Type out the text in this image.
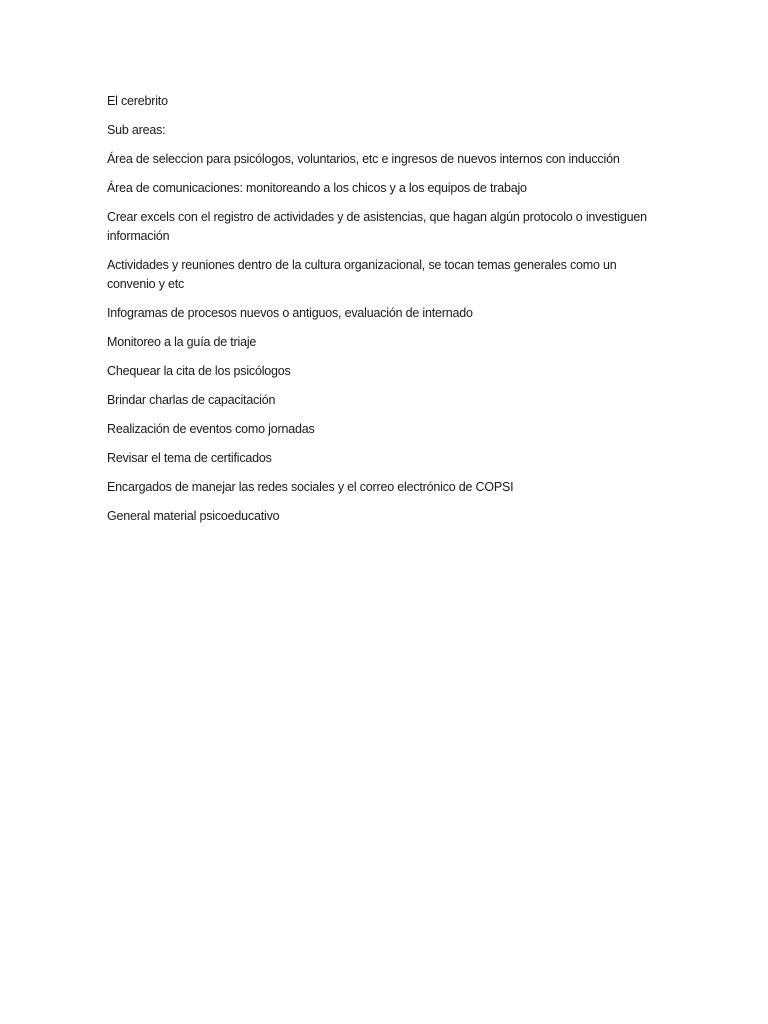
El cerebrito

Sub areas:

Área de seleccion para psicólogos, voluntarios, etc e ingresos de nuevos internos con inducción

Área de comunicaciones: monitoreando a los chicos y a los equipos de trabajo

Crear excels con el registro de actividades y de asistencias, que hagan algún protocolo o investiguen información

Actividades y reuniones dentro de la cultura organizacional, se tocan temas generales como un convenio y etc

Infogramas de procesos nuevos o antiguos, evaluación de internado

Monitoreo a la guía de triaje

Chequear la cita de los psicólogos

Brindar charlas de capacitación

Realización de eventos como jornadas

Revisar el tema de certificados

Encargados de manejar las redes sociales y el correo electrónico de COPSI

General material psicoeducativo
